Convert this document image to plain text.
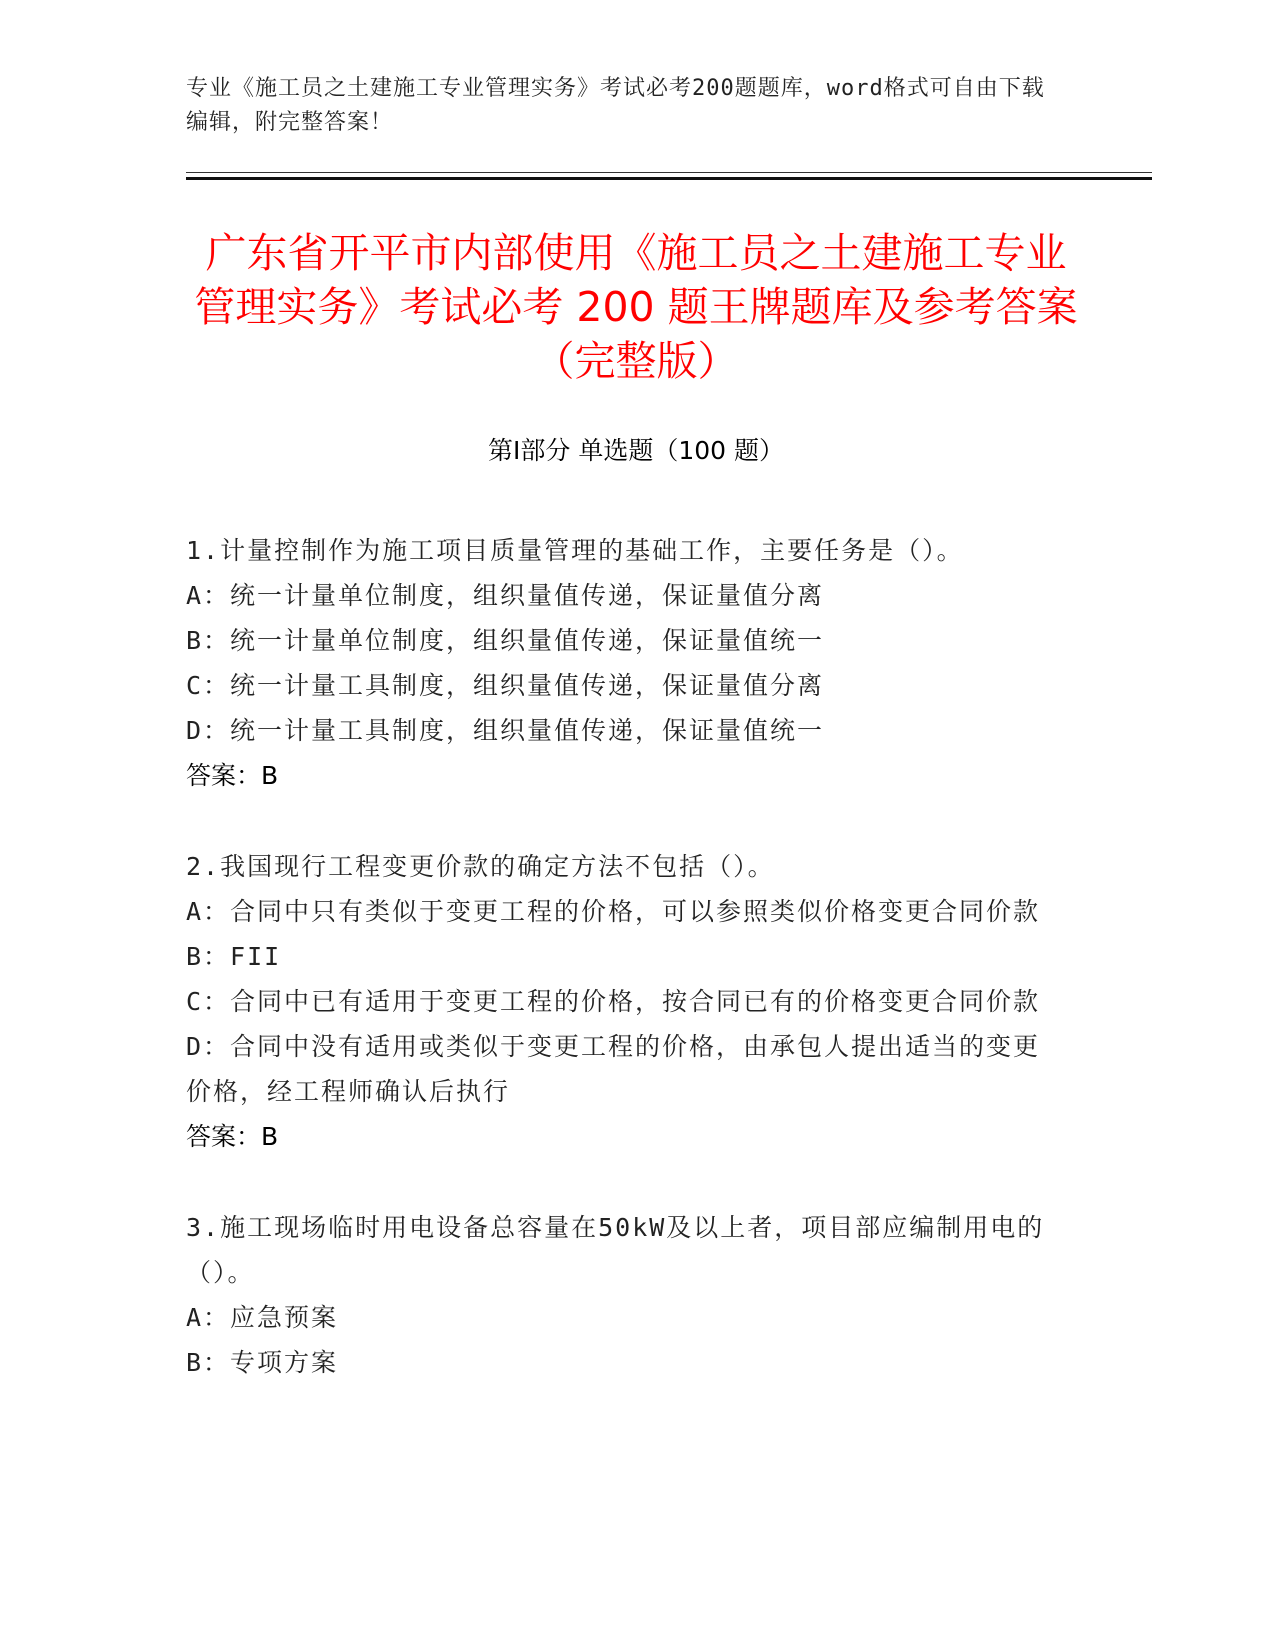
专业《施工员之土建施工专业管理实务》考试必考200题题库，word格式可自由下载编辑，附完整答案！
广东省开平市内部使用《施工员之土建施工专业管理实务》考试必考 200 题王牌题库及参考答案（完整版）
第Ⅰ部分 单选题（100 题）

1.计量控制作为施工项目质量管理的基础工作，主要任务是（）。

A：统一计量单位制度，组织量值传递，保证量值分离

B：统一计量单位制度，组织量值传递，保证量值统一

C：统一计量工具制度，组织量值传递，保证量值分离

D：统一计量工具制度，组织量值传递，保证量值统一

答案：B

2.我国现行工程变更价款的确定方法不包括（）。

A：合同中只有类似于变更工程的价格，可以参照类似价格变更合同价款

B：FII

C：合同中已有适用于变更工程的价格，按合同已有的价格变更合同价款

D：合同中没有适用或类似于变更工程的价格，由承包人提出适当的变更价格，经工程师确认后执行

答案：B

3.施工现场临时用电设备总容量在50kW及以上者，项目部应编制用电的（）。

A：应急预案

B：专项方案
